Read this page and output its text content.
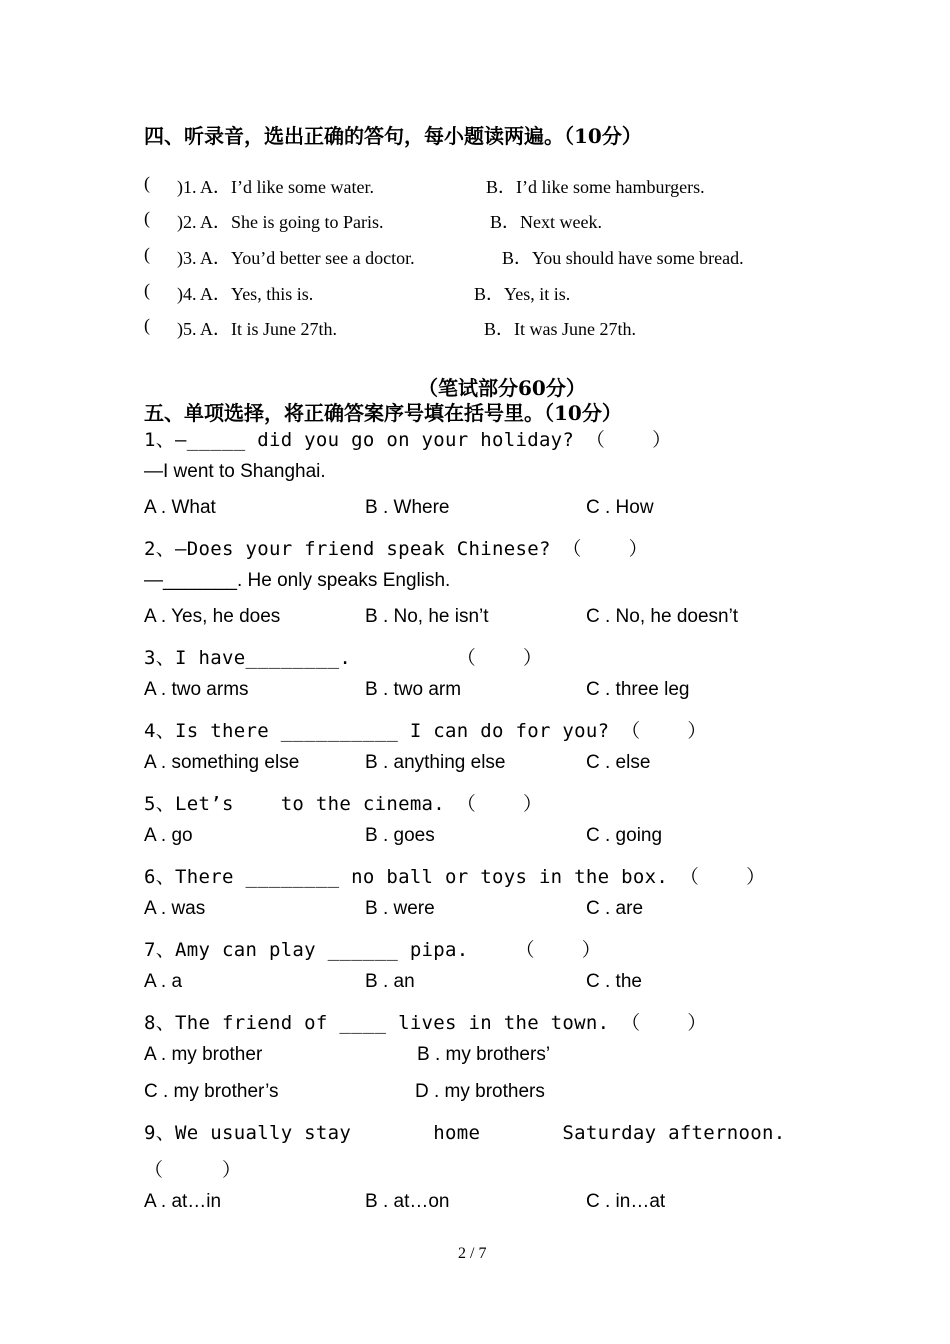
四、听录音，选出正确的答句，每小题读两遍。（10分）
( )1. A．I’d like some water.	B．I’d like some hamburgers.
( )2. A．She is going to Paris.	B．Next week.
( )3. A．You’d better see a doctor.	B．You should have some bread.
( )4. A．Yes, this is.	B．Yes, it is.
( )5. A．It is June 27th.	B．It was June 27th.
（笔试部分60分）
五、单项选择，将正确答案序号填在括号里。（10分）
1、—_____ did you go on your holiday? （    ）
—I went to Shanghai.
A . What	B . Where	C . How
2、—Does your friend speak Chinese? （    ）
—_______. He only speaks English.
A . Yes, he does	B . No, he isn’t	C . No, he doesn’t
3、I have________.         （    ）
A . two arms	B . two arm	C . three leg
4、Is there __________ I can do for you? （    ）
A . something else	B . anything else	C . else
5、Let’s    to the cinema. （    ）
A . go	B . goes	C . going
6、There ________ no ball or toys in the box. （    ）
A . was	B . were	C . are
7、Amy can play ______ pipa.    （    ）
A . a	B . an	C . the
8、The friend of ____ lives in the town. （    ）
A . my brother	B . my brothers’
C . my brother’s	D . my brothers
9、We usually stay       home       Saturday afternoon.
（     ）
A . at…in	B . at…on	C . in…at
2 / 7
